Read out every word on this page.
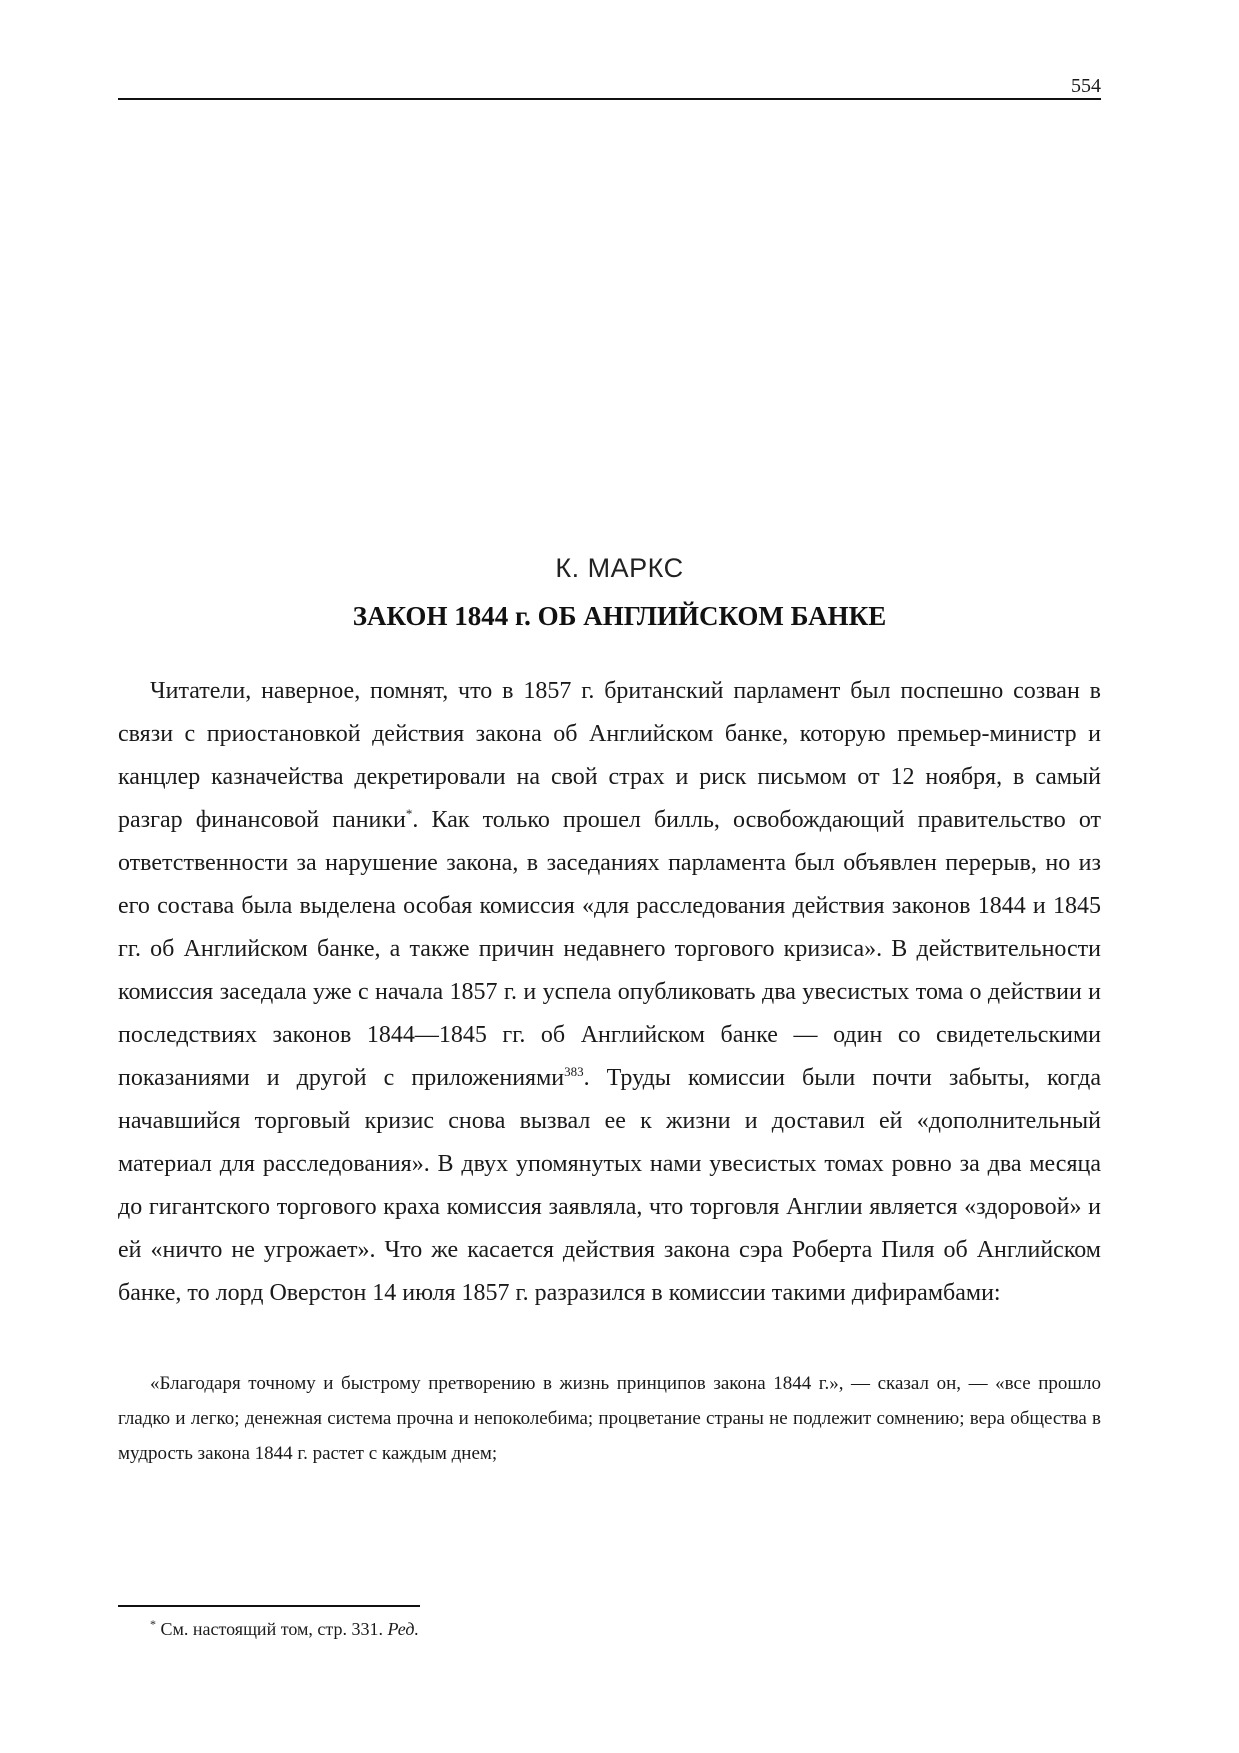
554
К. МАРКС
ЗАКОН 1844 г. ОБ АНГЛИЙСКОМ БАНКЕ

Читатели, наверное, помнят, что в 1857 г. британский парламент был поспешно созван в связи с приостановкой действия закона об Английском банке, которую премьер-министр и канцлер казначейства декретировали на свой страх и риск письмом от 12 ноября, в самый разгар финансовой паники*. Как только прошел билль, освобождающий правительство от ответственности за нарушение закона, в заседаниях парламента был объявлен перерыв, но из его состава была выделена особая комиссия «для расследования действия законов 1844 и 1845 гг. об Английском банке, а также причин недавнего торгового кризиса». В действительности комиссия заседала уже с начала 1857 г. и успела опубликовать два увесистых тома о действии и последствиях законов 1844—1845 гг. об Английском банке — один со свидетельскими показаниями и другой с приложениями$^{383}$. Труды комиссии были почти забыты, когда начавшийся торговый кризис снова вызвал ее к жизни и доставил ей «дополнительный материал для расследования». В двух упомянутых нами увесистых томах ровно за два месяца до гигантского торгового краха комиссия заявляла, что торговля Англии является «здоровой» и ей «ничто не угрожает». Что же касается действия закона сэра Роберта Пиля об Английском банке, то лорд Оверстон 14 июля 1857 г. разразился в комиссии такими дифирамбами:

«Благодаря точному и быстрому претворению в жизнь принципов закона 1844 г.», — сказал он, — «все прошло гладко и легко; денежная система прочна и непоколебима; процветание страны не подлежит сомнению; вера общества в мудрость закона 1844 г. растет с каждым днем;

* См. настоящий том, стр. 331. Ред.
